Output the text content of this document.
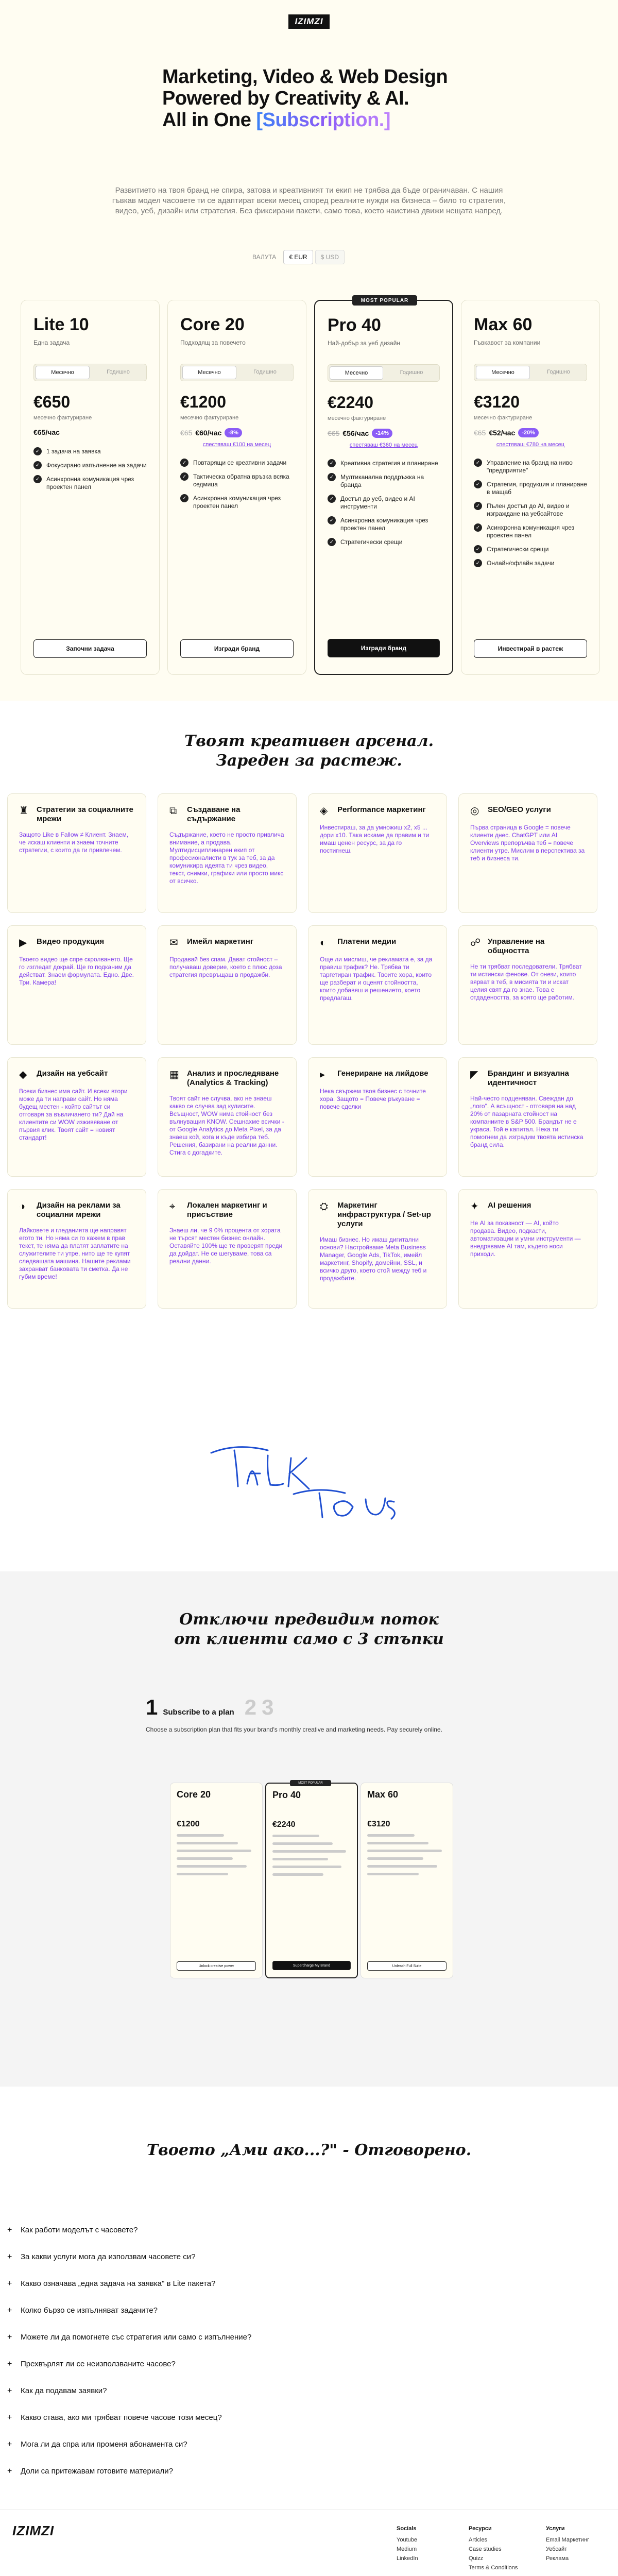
IZIMZI
Marketing, Video & Web Design
Powered by Creativity & AI.
All in One [Subscription.]

Развитието на твоя бранд не спира, затова и креативният ти екип не трябва да бъде ограничаван. С нашия гъвкав модел часовете ти се адаптират всеки месец според реалните нужди на бизнеса – било то стратегия, видео, уеб, дизайн или стратегия. Без фиксирани пакети, само това, което наистина движи нещата напред.

ВАЛУТА	€ EUR	$ USD
Lite 10
Една задача
Месечно	Годишно
€650
месечно фактуриране
€65/час
✓	1 задача на заявка
✓	Фокусирано изпълнение на задачи
✓	Асинхронна комуникация чрез проектен панел
Започни задача
Core 20
Подходящ за повечето
Месечно	Годишно
€1200
месечно фактуриране
€65 €60/час	-8%
спестяваш €100 на месец
✓	Повтарящи се креативни задачи
✓	Тактическа обратна връзка всяка седмица
✓	Асинхронна комуникация чрез проектен панел
Изгради бранд
MOST POPULAR
Pro 40
Най-добър за уеб дизайн
Месечно	Годишно
€2240
месечно фактуриране
€65 €56/час	-14%
спестяваш €360 на месец
✓	Креативна стратегия и планиране
✓	Мултиканална поддръжка на бранда
✓	Достъп до уеб, видео и AI инструменти
✓	Асинхронна комуникация чрез проектен панел
✓	Стратегически срещи
Изгради бранд
Max 60
Гъвкавост за компании
Месечно	Годишно
€3120
месечно фактуриране
€65 €52/час	-20%
спестяваш €780 на месец
✓	Управление на бранд на ниво "предприятие"
✓	Стратегия, продукция и планиране в мащаб
✓	Пълен достъп до AI, видео и изграждане на уебсайтове
✓	Асинхронна комуникация чрез проектен панел
✓	Стратегически срещи
✓	Онлайн/офлайн задачи
Инвестирай в растеж
Твоят креативен арсенал.
Зареден за растеж.
♜ Стратегии за социалните мрежи

Защото Like в Fallow ≠ Клиент. Знаем, че искаш клиенти и знаем точните стратегии, с които да ги привлечем.

⧉	Създаване на съдържание

Съдържание, което не просто привлича внимание, а продава. Мултидисциплинарен екип от професионалисти в тук за теб, за да комуникира идеята ти чрез видео, текст, снимки, графики или просто микс от всичко.

◈	Performance маркетинг

Инвестираш, за да умножиш x2, x5 ... дори x10. Така искаме да правим и ти имаш ценен ресурс, за да го постигнеш.

◎	SEO/GEO услуги

Първа страница в Google = повече клиенти днес. ChatGPT или AI Overviews препоръчва теб = повече клиенти утре. Мислим в перспектива за теб и бизнеса ти.

▶	Видео продукция

Твоето видео ще спре скролването. Ще го изгледат докрай. Ще го подканим да действат. Знаем формулата. Едно. Две. Три. Камера!

✉	Имейл маркетинг

Продавай без спам. Дават стойност – получаваш доверие, което с плюс дозa стратегия превръщаш в продажби.

◐	Платени медии

Още ли мислиш, че рекламата е, за да правиш трафик? Не. Трябва ти таргетиран трафик. Твоите хора, които ще разберат и оценят стойността, които добавяш и решението, което предлагаш.

☍ Управление на общността

Не ти трябват последователи. Трябват ти истински фенове. От онези, които вярват в теб, в мисията ти и искат целия свят да го знае. Това е отдадеността, за която ще работим.

◆	Дизайн на уебсайт

Всеки бизнес има сайт. И всеки втори може да ти направи сайт. Но няма будещ местен - който сайтът си отговаря за въвличането ти? Дай на клиентите си WOW изживяване от първия клик. Твоят сайт = новият стандарт!

▦ Анализ и проследяване (Analytics & Tracking)

Твоят сайт не случва, ако не знаеш какво се случва зад кулисите. Всъщност, WOW нима стойност без вълнуващия KNOW. Сешнахме всички - от Google Analytics до Meta Pixel, за да знаеш кой, кога и къде избира теб. Решения, базирани на реални данни. Стига с догадките.

▸	Генериране на лийдове

Нека свържем твоя бизнес с точните хора. Защото = Повече ръкуване = повече сделки

◤	Брандинг и визуална идентичност

Най-често подценяван. Свеждан до „лого". А всъщност - отговаря на над 20% от пазарната стойност на компаниите в S&P 500. Брандът не е украса. Той е капитал. Нека ти помогнем да изградим твоята истинска бранд сила.

◑	Дизайн на реклами за социални мрежи

Лайковете и гледанията ще направят егото ти. Но няма си го кажем в прав текст, те няма да платят заплатите на служителите ти утре, нито ще те купят следващата машина. Нашите реклами захранват банковата ти сметка. Да не губим време!

⌖	Локален маркетинг и присъствие

Знаеш ли, че 9 0% процента от хората не търсят местен бизнес онлайн. Оставяйте 100% ще те проверят преди да дойдат. Не се шегуваме, това са реални данни.

⛭	Маркетинг инфраструктура / Set-up услуги

Имаш бизнес. Но имаш дигитални основи? Настройваме Meta Business Manager, Google Ads, TikTok, имейл маркетинг, Shopify, домейни, SSL, и всичко друго, което стой между теб и продажбите.

✦	AI решения

Не AI за показност — AI, който продава. Видео, подкасти, автоматизации и умни инструменти — внедряваме AI там, където носи приходи.

Отключи предвидим поток
от клиенти само с 3 стъпки
1 Subscribe to a plan 2 3

Choose a subscription plan that fits your brand's monthly creative and marketing needs. Pay securely online.

Core 20
€1200
Unlock creative power
MOST POPULAR
Pro 40
€2240
Supercharge My Brand
Max 60
€3120
Unleash Full Suite
Твоето „Ами ако...?" - Отговорено.
+	Как работи моделът с часовете?
+	За какви услуги мога да използвам часовете си?
+	Какво означава „една задача на заявка" в Lite пакета?
+	Колко бързо се изпълняват задачите?
+	Можете ли да помогнете със стратегия или само с изпълнение?
+	Прехвърлят ли се неизползваните часове?
+	Как да подавам заявки?
+	Какво става, ако ми трябват повече часове този месец?
+	Мога ли да спра или променя абонамента си?
+	Доли са притежавам готовите материали?
IZIMZI	Socials
Youtube
Medium
LinkedIn
Ресурси
Articles
Case studies
Quizz
Terms & Conditions
Услуги
Email Маркетинг
Уебсайт
Реклама
